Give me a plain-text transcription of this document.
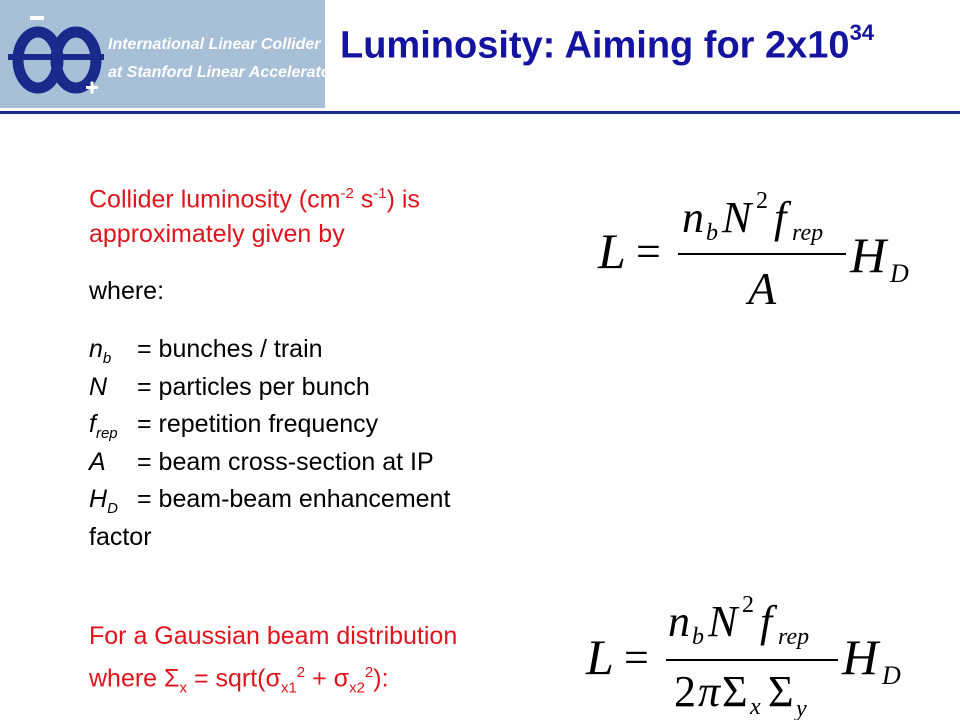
International Linear Collider
at Stanford Linear Accelerator Center
Luminosity: Aiming for $2x10^{34}$
Collider luminosity ($cm^{-2}$ $s^{-1}$) is
approximately given by
where:
$n_b$ = bunches / train
N = particles per bunch
$f_{rep}$ = repetition frequency
A = beam cross-section at IP
$H_D$ = beam-beam enhancement
factor
For a Gaussian beam distribution
where $\Sigma_x$ = $sqrt(\sigma_{x1}^2 + \sigma_{x2}^2)$:
L =
n b N 2 f rep
A
H D
L =
n b N 2 f rep
2 π Σ x Σ y
H D
